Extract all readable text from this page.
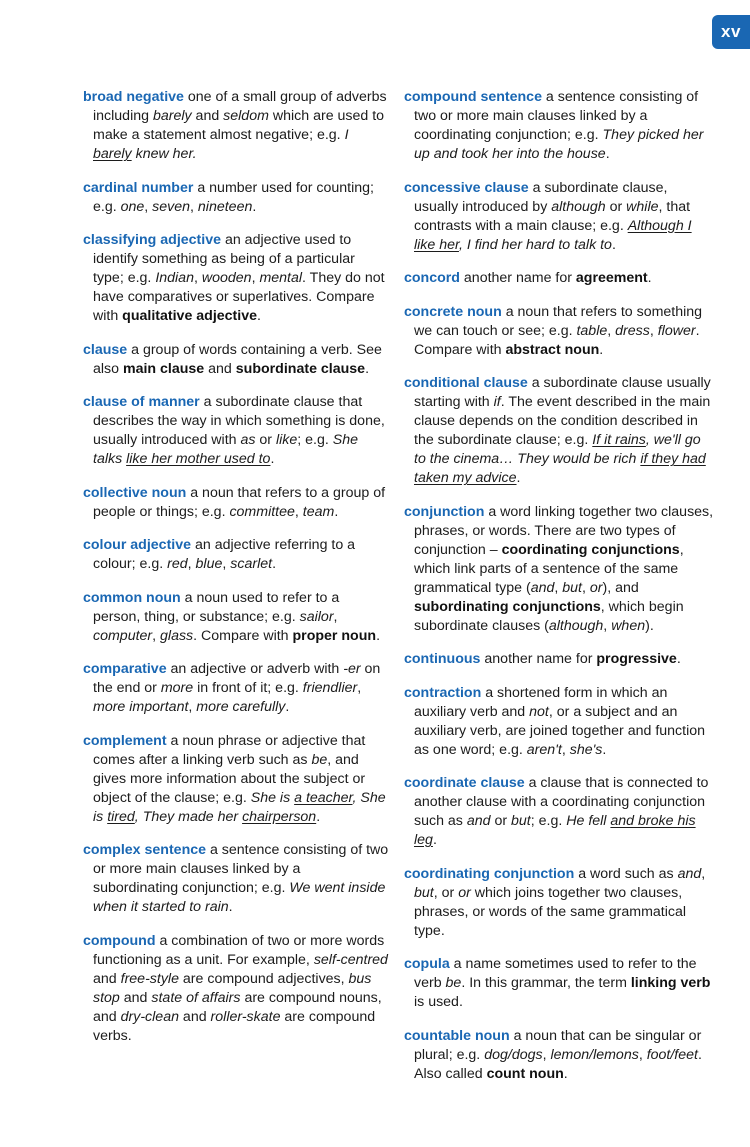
xv

broad negative one of a small group of adverbs including barely and seldom which are used to make a statement almost negative; e.g. I barely knew her.

cardinal number a number used for counting; e.g. one, seven, nineteen.

classifying adjective an adjective used to identify something as being of a particular type; e.g. Indian, wooden, mental. They do not have comparatives or superlatives. Compare with qualitative adjective.

clause a group of words containing a verb. See also main clause and subordinate clause.

clause of manner a subordinate clause that describes the way in which something is done, usually introduced with as or like; e.g. She talks like her mother used to.

collective noun a noun that refers to a group of people or things; e.g. committee, team.

colour adjective an adjective referring to a colour; e.g. red, blue, scarlet.

common noun a noun used to refer to a person, thing, or substance; e.g. sailor, computer, glass. Compare with proper noun.

comparative an adjective or adverb with -er on the end or more in front of it; e.g. friendlier, more important, more carefully.

complement a noun phrase or adjective that comes after a linking verb such as be, and gives more information about the subject or object of the clause; e.g. She is a teacher, She is tired, They made her chairperson.

complex sentence a sentence consisting of two or more main clauses linked by a subordinating conjunction; e.g. We went inside when it started to rain.

compound a combination of two or more words functioning as a unit. For example, self-centred and free-style are compound adjectives, bus stop and state of affairs are compound nouns, and dry-clean and roller-skate are compound verbs.

compound sentence a sentence consisting of two or more main clauses linked by a coordinating conjunction; e.g. They picked her up and took her into the house.

concessive clause a subordinate clause, usually introduced by although or while, that contrasts with a main clause; e.g. Although I like her, I find her hard to talk to.

concord another name for agreement.

concrete noun a noun that refers to something we can touch or see; e.g. table, dress, flower. Compare with abstract noun.

conditional clause a subordinate clause usually starting with if. The event described in the main clause depends on the condition described in the subordinate clause; e.g. If it rains, we'll go to the cinema… They would be rich if they had taken my advice.

conjunction a word linking together two clauses, phrases, or words. There are two types of conjunction – coordinating conjunctions, which link parts of a sentence of the same grammatical type (and, but, or), and subordinating conjunctions, which begin subordinate clauses (although, when).

continuous another name for progressive.

contraction a shortened form in which an auxiliary verb and not, or a subject and an auxiliary verb, are joined together and function as one word; e.g. aren't, she's.

coordinate clause a clause that is connected to another clause with a coordinating conjunction such as and or but; e.g. He fell and broke his leg.

coordinating conjunction a word such as and, but, or or which joins together two clauses, phrases, or words of the same grammatical type.

copula a name sometimes used to refer to the verb be. In this grammar, the term linking verb is used.

countable noun a noun that can be singular or plural; e.g. dog/dogs, lemon/lemons, foot/feet. Also called count noun.
